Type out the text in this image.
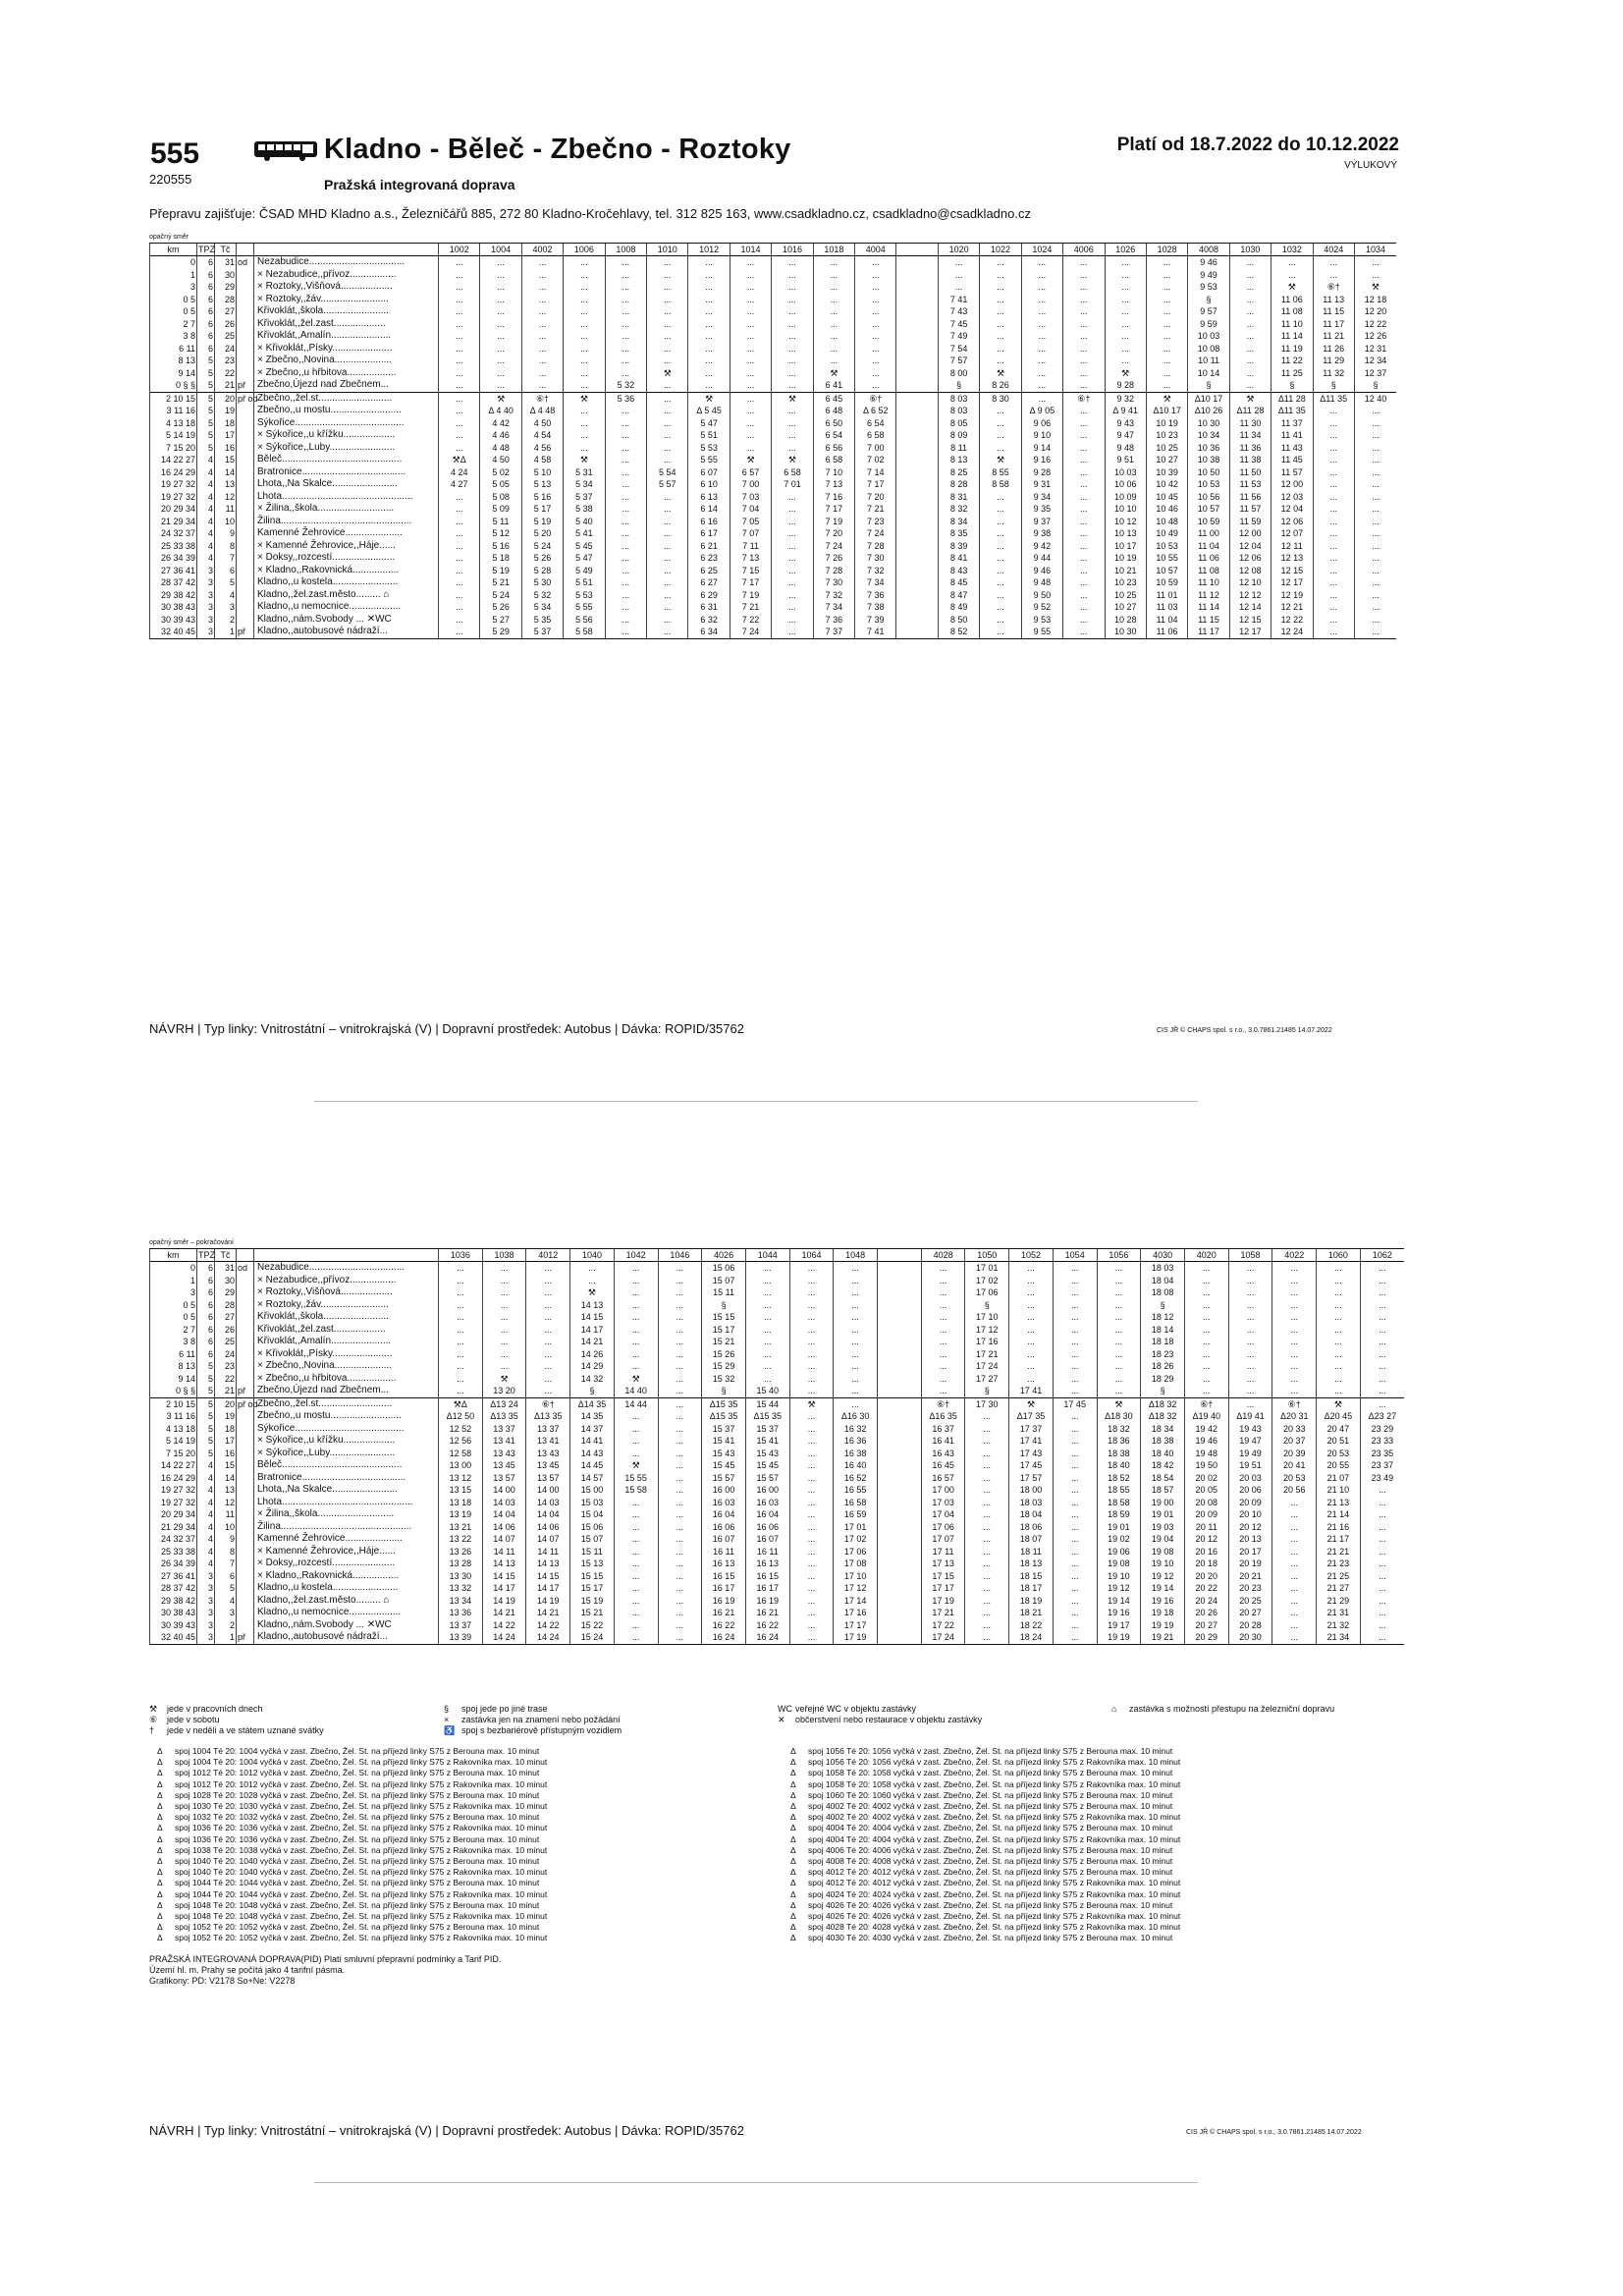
555
220555
Kladno - Běleč - Zbečno - Roztoky
Pražská integrovaná doprava
Platí od 18.7.2022 do 10.12.2022
VÝLUKOVÝ
Přepravu zajišťuje: ČSAD MHD Kladno a.s., Železničářů 885, 272 80 Kladno-Kročehlavy, tel. 312 825 163, www.csadkladno.cz, csadkladno@csadkladno.cz
opačný směr
km	TPZ	Tč			1002	1004	4002	1006	1008	1010	1012	1014	1016	1018	4004		1020	1022	1024	4006	1026	1028	4008	1030	1032	4024	1034
0	6	31	od	Nezabudice...................................	...	...	...	...	...	...	...	...	...	...	...		...	...	...	...	...	...	9 46	...	...	...	...
1	6	30		× Nezabudice,,přívoz.................	...	...	...	...	...	...	...	...	...	...	...		...	...	...	...	...	...	9 49	...	...	...	...
3	6	29		× Roztoky,,Višňová...................	...	...	...	...	...	...	...	...	...	...	...		...	...	...	...	...	...	9 53	...	⚒	⑥†	⚒
0 5	6	28		× Roztoky,,žáv.........................	...	...	...	...	...	...	...	...	...	...	...		7 41	...	...	...	...	...	§	...	11 06	11 13	12 18
0 5	6	27		Křivoklát,,škola........................	...	...	...	...	...	...	...	...	...	...	...		7 43	...	...	...	...	...	9 57	...	11 08	11 15	12 20
2 7	6	26		Křivoklát,,žel.zast...................	...	...	...	...	...	...	...	...	...	...	...		7 45	...	...	...	...	...	9 59	...	11 10	11 17	12 22
3 8	6	25		Křivoklát,,Amalín......................	...	...	...	...	...	...	...	...	...	...	...		7 49	...	...	...	...	...	10 03	...	11 14	11 21	12 26
6 11	6	24		× Křivoklát,,Písky......................	...	...	...	...	...	...	...	...	...	...	...		7 54	...	...	...	...	...	10 08	...	11 19	11 26	12 31
8 13	5	23		× Zbečno,,Novina.....................	...	...	...	...	...	...	...	...	...	...	...		7 57	...	...	...	...	...	10 11	...	11 22	11 29	12 34
9 14	5	22		× Zbečno,,u hřbitova..................	...	...	...	...	...	⚒	...	...	...	⚒	...		8 00	⚒	...	...	⚒	...	10 14	...	11 25	11 32	12 37
0 § §	5	21	př	Zbečno,Újezd nad Zbečnem...	...	...	...	...	5 32	...	...	...	...	6 41	...		§	8 26	...	...	9 28	...	§	...	§	§	§
2 10 15	5	20	př od	Zbečno,,žel.st...........................	...	⚒	⑥†	⚒	5 36	...	⚒	...	⚒	6 45	⑥†		8 03	8 30	...	⑥†	9 32	⚒	Δ10 17	⚒	Δ11 28	Δ11 35	12 40
3 11 16	5	19		Zbečno,,u mostu..........................	...	Δ 4 40	Δ 4 48	...	...	...	Δ 5 45	...	...	6 48	Δ 6 52		8 03	...	Δ 9 05	...	Δ 9 41	Δ10 17	Δ10 26	Δ11 28	Δ11 35	...	...
4 13 18	5	18		Sýkořice........................................	...	4 42	4 50	...	...	...	5 47	...	...	6 50	6 54		8 05	...	9 06	...	9 43	10 19	10 30	11 30	11 37	...	...
5 14 19	5	17		× Sýkořice,,u křížku...................	...	4 46	4 54	...	...	...	5 51	...	...	6 54	6 58		8 09	...	9 10	...	9 47	10 23	10 34	11 34	11 41	...	...
7 15 20	5	16		× Sýkořice,,Luby........................	...	4 48	4 56	...	...	...	5 53	...	...	6 56	7 00		8 11	...	9 14	...	9 48	10 25	10 36	11 36	11 43	...	...
14 22 27	4	15		Běleč............................................	⚒Δ	4 50	4 58	⚒	...	...	5 55	⚒	⚒	6 58	7 02		8 13	⚒	9 16	...	9 51	10 27	10 38	11 38	11 45	...	...
16 24 29	4	14		Bratronice......................................	4 24	5 02	5 10	5 31	...	5 54	6 07	6 57	6 58	7 10	7 14		8 25	8 55	9 28	...	10 03	10 39	10 50	11 50	11 57	...	...
19 27 32	4	13		Lhota,,Na Skalce........................	4 27	5 05	5 13	5 34	...	5 57	6 10	7 00	7 01	7 13	7 17		8 28	8 58	9 31	...	10 06	10 42	10 53	11 53	12 00	...	...
19 27 32	4	12		Lhota................................................	...	5 08	5 16	5 37	...	...	6 13	7 03	...	7 16	7 20		8 31	...	9 34	...	10 09	10 45	10 56	11 56	12 03	...	...
20 29 34	4	11		× Žilina,,škola............................	...	5 09	5 17	5 38	...	...	6 14	7 04	...	7 17	7 21		8 32	...	9 35	...	10 10	10 46	10 57	11 57	12 04	...	...
21 29 34	4	10		Žilina................................................	...	5 11	5 19	5 40	...	...	6 16	7 05	...	7 19	7 23		8 34	...	9 37	...	10 12	10 48	10 59	11 59	12 06	...	...
24 32 37	4	9		Kamenné Žehrovice.....................	...	5 12	5 20	5 41	...	...	6 17	7 07	...	7 20	7 24		8 35	...	9 38	...	10 13	10 49	11 00	12 00	12 07	...	...
25 33 38	4	8		× Kamenné Žehrovice,,Háje......	...	5 16	5 24	5 45	...	...	6 21	7 11	...	7 24	7 28		8 39	...	9 42	...	10 17	10 53	11 04	12 04	12 11	...	...
26 34 39	4	7		× Doksy,,rozcestí.......................	...	5 18	5 26	5 47	...	...	6 23	7 13	...	7 26	7 30		8 41	...	9 44	...	10 19	10 55	11 06	12 06	12 13	...	...
27 36 41	3	6		× Kladno,,Rakovnická.................	...	5 19	5 28	5 49	...	...	6 25	7 15	...	7 28	7 32		8 43	...	9 46	...	10 21	10 57	11 08	12 08	12 15	...	...
28 37 42	3	5		Kladno,,u kostela........................	...	5 21	5 30	5 51	...	...	6 27	7 17	...	7 30	7 34		8 45	...	9 48	...	10 23	10 59	11 10	12 10	12 17	...	...
29 38 42	3	4		Kladno,,žel.zast.město......... ⌂	...	5 24	5 32	5 53	...	...	6 29	7 19	...	7 32	7 36		8 47	...	9 50	...	10 25	11 01	11 12	12 12	12 19	...	...
30 38 43	3	3		Kladno,,u nemocnice...................	...	5 26	5 34	5 55	...	...	6 31	7 21	...	7 34	7 38		8 49	...	9 52	...	10 27	11 03	11 14	12 14	12 21	...	...
30 39 43	3	2		Kladno,,nám.Svobody ... ✕WC	...	5 27	5 35	5 56	...	...	6 32	7 22	...	7 36	7 39		8 50	...	9 53	...	10 28	11 04	11 15	12 15	12 22	...	...
32 40 45	3	1	př	Kladno,,autobusové nádraží...	...	5 29	5 37	5 58	...	...	6 34	7 24	...	7 37	7 41		8 52	...	9 55	...	10 30	11 06	11 17	12 17	12 24	...	...
NÁVRH | Typ linky: Vnitrostátní – vnitrokrajská (V) | Dopravní prostředek: Autobus | Dávka: ROPID/35762	CIS JŘ © CHAPS spol. s r.o., 3.0.7861.21485 14.07.2022
opačný směr – pokračování
km	TPZ	Tč			1036	1038	4012	1040	1042	1046	4026	1044	1064	1048		4028	1050	1052	1054	1056	4030	4020	1058	4022	1060	1062
0	6	31	od	Nezabudice...................................	...	...	...	...	...	...	15 06	...	...	...		...	17 01	...	...	...	18 03	...	...	...	...	...
1	6	30		× Nezabudice,,přívoz.................	...	...	...	...	...	...	15 07	...	...	...		...	17 02	...	...	...	18 04	...	...	...	...	...
3	6	29		× Roztoky,,Višňová...................	...	...	...	⚒	...	...	15 11	...	...	...		...	17 06	...	...	...	18 08	...	...	...	...	...
0 5	6	28		× Roztoky,,žáv.........................	...	...	...	14 13	...	...	§	...	...	...		...	§	...	...	...	§	...	...	...	...	...
0 5	6	27		Křivoklát,,škola........................	...	...	...	14 15	...	...	15 15	...	...	...		...	17 10	...	...	...	18 12	...	...	...	...	...
2 7	6	26		Křivoklát,,žel.zast...................	...	...	...	14 17	...	...	15 17	...	...	...		...	17 12	...	...	...	18 14	...	...	...	...	...
3 8	6	25		Křivoklát,,Amalín......................	...	...	...	14 21	...	...	15 21	...	...	...		...	17 16	...	...	...	18 18	...	...	...	...	...
6 11	6	24		× Křivoklát,,Písky......................	...	...	...	14 26	...	...	15 26	...	...	...		...	17 21	...	...	...	18 23	...	...	...	...	...
8 13	5	23		× Zbečno,,Novina.....................	...	...	...	14 29	...	...	15 29	...	...	...		...	17 24	...	...	...	18 26	...	...	...	...	...
9 14	5	22		× Zbečno,,u hřbitova..................	...	⚒	...	14 32	⚒	...	15 32	...	...	...		...	17 27	...	...	...	18 29	...	...	...	...	...
0 § §	5	21	př	Zbečno,Újezd nad Zbečnem...	...	13 20	...	§	14 40	...	§	15 40	...	...		...	§	17 41	...	...	§	...	...	...	...	...
2 10 15	5	20	př od	Zbečno,,žel.st...........................	⚒Δ	Δ13 24	⑥†	Δ14 35	14 44	...	Δ15 35	15 44	⚒	...		⑥†	17 30	⚒	17 45	⚒	Δ18 32	⑥†	...	⑥†	⚒	...
3 11 16	5	19		Zbečno,,u mostu..........................	Δ12 50	Δ13 35	Δ13 35	14 35	...	...	Δ15 35	Δ15 35	...	Δ16 30		Δ16 35	...	Δ17 35	...	Δ18 30	Δ18 32	Δ19 40	Δ19 41	Δ20 31	Δ20 45	Δ23 27
4 13 18	5	18		Sýkořice........................................	12 52	13 37	13 37	14 37	...	...	15 37	15 37	...	16 32		16 37	...	17 37	...	18 32	18 34	19 42	19 43	20 33	20 47	23 29
5 14 19	5	17		× Sýkořice,,u křížku...................	12 56	13 41	13 41	14 41	...	...	15 41	15 41	...	16 36		16 41	...	17 41	...	18 36	18 38	19 46	19 47	20 37	20 51	23 33
7 15 20	5	16		× Sýkořice,,Luby........................	12 58	13 43	13 43	14 43	...	...	15 43	15 43	...	16 38		16 43	...	17 43	...	18 38	18 40	19 48	19 49	20 39	20 53	23 35
14 22 27	4	15		Běleč............................................	13 00	13 45	13 45	14 45	⚒	...	15 45	15 45	...	16 40		16 45	...	17 45	...	18 40	18 42	19 50	19 51	20 41	20 55	23 37
16 24 29	4	14		Bratronice......................................	13 12	13 57	13 57	14 57	15 55	...	15 57	15 57	...	16 52		16 57	...	17 57	...	18 52	18 54	20 02	20 03	20 53	21 07	23 49
19 27 32	4	13		Lhota,,Na Skalce........................	13 15	14 00	14 00	15 00	15 58	...	16 00	16 00	...	16 55		17 00	...	18 00	...	18 55	18 57	20 05	20 06	20 56	21 10	...
19 27 32	4	12		Lhota................................................	13 18	14 03	14 03	15 03	...	...	16 03	16 03	...	16 58		17 03	...	18 03	...	18 58	19 00	20 08	20 09	...	21 13	...
20 29 34	4	11		× Žilina,,škola............................	13 19	14 04	14 04	15 04	...	...	16 04	16 04	...	16 59		17 04	...	18 04	...	18 59	19 01	20 09	20 10	...	21 14	...
21 29 34	4	10		Žilina................................................	13 21	14 06	14 06	15 06	...	...	16 06	16 06	...	17 01		17 06	...	18 06	...	19 01	19 03	20 11	20 12	...	21 16	...
24 32 37	4	9		Kamenné Žehrovice.....................	13 22	14 07	14 07	15 07	...	...	16 07	16 07	...	17 02		17 07	...	18 07	...	19 02	19 04	20 12	20 13	...	21 17	...
25 33 38	4	8		× Kamenné Žehrovice,,Háje......	13 26	14 11	14 11	15 11	...	...	16 11	16 11	...	17 06		17 11	...	18 11	...	19 06	19 08	20 16	20 17	...	21 21	...
26 34 39	4	7		× Doksy,,rozcestí.......................	13 28	14 13	14 13	15 13	...	...	16 13	16 13	...	17 08		17 13	...	18 13	...	19 08	19 10	20 18	20 19	...	21 23	...
27 36 41	3	6		× Kladno,,Rakovnická.................	13 30	14 15	14 15	15 15	...	...	16 15	16 15	...	17 10		17 15	...	18 15	...	19 10	19 12	20 20	20 21	...	21 25	...
28 37 42	3	5		Kladno,,u kostela........................	13 32	14 17	14 17	15 17	...	...	16 17	16 17	...	17 12		17 17	...	18 17	...	19 12	19 14	20 22	20 23	...	21 27	...
29 38 42	3	4		Kladno,,žel.zast.město......... ⌂	13 34	14 19	14 19	15 19	...	...	16 19	16 19	...	17 14		17 19	...	18 19	...	19 14	19 16	20 24	20 25	...	21 29	...
30 38 43	3	3		Kladno,,u nemocnice...................	13 36	14 21	14 21	15 21	...	...	16 21	16 21	...	17 16		17 21	...	18 21	...	19 16	19 18	20 26	20 27	...	21 31	...
30 39 43	3	2		Kladno,,nám.Svobody ... ✕WC	13 37	14 22	14 22	15 22	...	...	16 22	16 22	...	17 17		17 22	...	18 22	...	19 17	19 19	20 27	20 28	...	21 32	...
32 40 45	3	1	př	Kladno,,autobusové nádraží...	13 39	14 24	14 24	15 24	...	...	16 24	16 24	...	17 19		17 24	...	18 24	...	19 19	19 21	20 29	20 30	...	21 34	...
⚒ jede v pracovních dnech
⑥ jede v sobotu
† jede v neděli a ve státem uznané svátky
§ spoj jede po jiné trase
× zastávka jen na znamení nebo požádání
♿ spoj s bezbariérově přístupným vozidlem
WC veřejné WC v objektu zastávky
✕ občerstvení nebo restaurace v objektu zastávky
⌂ zastávka s možností přestupu na železniční dopravu
Δ spoj 1004 Té 20: 1004 vyčká v zast. Zbečno, Žel. St. na příjezd linky S75 z Berouna max. 10 minut
Δ spoj 1004 Té 20: 1004 vyčká v zast. Zbečno, Žel. St. na příjezd linky S75 z Rakovníka max. 10 minut
Δ spoj 1012 Té 20: 1012 vyčká v zast. Zbečno, Žel. St. na příjezd linky S75 z Berouna max. 10 minut
Δ spoj 1012 Té 20: 1012 vyčká v zast. Zbečno, Žel. St. na příjezd linky S75 z Rakovníka max. 10 minut
Δ spoj 1028 Té 20: 1028 vyčká v zast. Zbečno, Žel. St. na příjezd linky S75 z Berouna max. 10 minut
Δ spoj 1030 Té 20: 1030 vyčká v zast. Zbečno, Žel. St. na příjezd linky S75 z Rakovníka max. 10 minut
Δ spoj 1032 Té 20: 1032 vyčká v zast. Zbečno, Žel. St. na příjezd linky S75 z Berouna max. 10 minut
Δ spoj 1036 Té 20: 1036 vyčká v zast. Zbečno, Žel. St. na příjezd linky S75 z Rakovníka max. 10 minut
Δ spoj 1036 Té 20: 1036 vyčká v zast. Zbečno, Žel. St. na příjezd linky S75 z Berouna max. 10 minut
Δ spoj 1038 Té 20: 1038 vyčká v zast. Zbečno, Žel. St. na příjezd linky S75 z Rakovníka max. 10 minut
Δ spoj 1040 Té 20: 1040 vyčká v zast. Zbečno, Žel. St. na příjezd linky S75 z Berouna max. 10 minut
Δ spoj 1040 Té 20: 1040 vyčká v zast. Zbečno, Žel. St. na příjezd linky S75 z Rakovníka max. 10 minut
Δ spoj 1044 Té 20: 1044 vyčká v zast. Zbečno, Žel. St. na příjezd linky S75 z Berouna max. 10 minut
Δ spoj 1044 Té 20: 1044 vyčká v zast. Zbečno, Žel. St. na příjezd linky S75 z Rakovníka max. 10 minut
Δ spoj 1048 Té 20: 1048 vyčká v zast. Zbečno, Žel. St. na příjezd linky S75 z Berouna max. 10 minut
Δ spoj 1048 Té 20: 1048 vyčká v zast. Zbečno, Žel. St. na příjezd linky S75 z Rakovníka max. 10 minut
Δ spoj 1052 Té 20: 1052 vyčká v zast. Zbečno, Žel. St. na příjezd linky S75 z Berouna max. 10 minut
Δ spoj 1052 Té 20: 1052 vyčká v zast. Zbečno, Žel. St. na příjezd linky S75 z Rakovníka max. 10 minut
Δ spoj 1056 Té 20: 1056 vyčká v zast. Zbečno, Žel. St. na příjezd linky S75 z Berouna max. 10 minut
Δ spoj 1056 Té 20: 1056 vyčká v zast. Zbečno, Žel. St. na příjezd linky S75 z Rakovníka max. 10 minut
Δ spoj 1058 Té 20: 1058 vyčká v zast. Zbečno, Žel. St. na příjezd linky S75 z Berouna max. 10 minut
Δ spoj 1058 Té 20: 1058 vyčká v zast. Zbečno, Žel. St. na příjezd linky S75 z Rakovníka max. 10 minut
Δ spoj 1060 Té 20: 1060 vyčká v zast. Zbečno, Žel. St. na příjezd linky S75 z Berouna max. 10 minut
Δ spoj 4002 Té 20: 4002 vyčká v zast. Zbečno, Žel. St. na příjezd linky S75 z Berouna max. 10 minut
Δ spoj 4002 Té 20: 4002 vyčká v zast. Zbečno, Žel. St. na příjezd linky S75 z Rakovníka max. 10 minut
Δ spoj 4004 Té 20: 4004 vyčká v zast. Zbečno, Žel. St. na příjezd linky S75 z Berouna max. 10 minut
Δ spoj 4004 Té 20: 4004 vyčká v zast. Zbečno, Žel. St. na příjezd linky S75 z Rakovníka max. 10 minut
Δ spoj 4006 Té 20: 4006 vyčká v zast. Zbečno, Žel. St. na příjezd linky S75 z Berouna max. 10 minut
Δ spoj 4008 Té 20: 4008 vyčká v zast. Zbečno, Žel. St. na příjezd linky S75 z Berouna max. 10 minut
Δ spoj 4012 Té 20: 4012 vyčká v zast. Zbečno, Žel. St. na příjezd linky S75 z Berouna max. 10 minut
Δ spoj 4012 Té 20: 4012 vyčká v zast. Zbečno, Žel. St. na příjezd linky S75 z Rakovníka max. 10 minut
Δ spoj 4024 Té 20: 4024 vyčká v zast. Zbečno, Žel. St. na příjezd linky S75 z Rakovníka max. 10 minut
Δ spoj 4026 Té 20: 4026 vyčká v zast. Zbečno, Žel. St. na příjezd linky S75 z Berouna max. 10 minut
Δ spoj 4026 Té 20: 4026 vyčká v zast. Zbečno, Žel. St. na příjezd linky S75 z Rakovníka max. 10 minut
Δ spoj 4028 Té 20: 4028 vyčká v zast. Zbečno, Žel. St. na příjezd linky S75 z Rakovníka max. 10 minut
Δ spoj 4030 Té 20: 4030 vyčká v zast. Zbečno, Žel. St. na příjezd linky S75 z Berouna max. 10 minut
PRAŽSKÁ INTEGROVANÁ DOPRAVA(PID) Platí smluvní přepravní podmínky a Tarif PID.
Území hl. m. Prahy se počítá jako 4 tarifní pásma.
Grafikony: PD: V2178 So+Ne: V2278
NÁVRH | Typ linky: Vnitrostátní – vnitrokrajská (V) | Dopravní prostředek: Autobus | Dávka: ROPID/35762	CIS JŘ © CHAPS spol. s r.o., 3.0.7861.21485 14.07.2022
